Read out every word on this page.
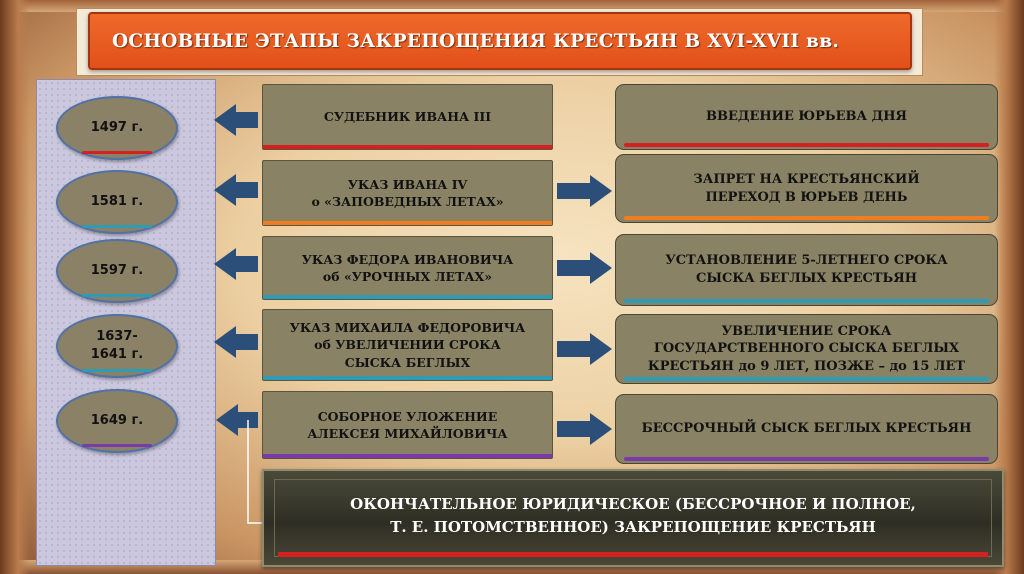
ОСНОВНЫЕ ЭТАПЫ ЗАКРЕПОЩЕНИЯ КРЕСТЬЯН В XVI-XVII вв.
1497 г.
1581 г.
1597 г.
1637-
1641 г.
1649 г.
СУДЕБНИК ИВАНА III
УКАЗ ИВАНА IV
о «ЗАПОВЕДНЫХ ЛЕТАХ»
УКАЗ ФЕДОРА ИВАНОВИЧА
об «УРОЧНЫХ ЛЕТАХ»
УКАЗ МИХАИЛА ФЕДОРОВИЧА
об УВЕЛИЧЕНИИ СРОКА
СЫСКА БЕГЛЫХ
СОБОРНОЕ УЛОЖЕНИЕ
АЛЕКСЕЯ МИХАЙЛОВИЧА
ВВЕДЕНИЕ ЮРЬЕВА ДНЯ
ЗАПРЕТ НА КРЕСТЬЯНСКИЙ
ПЕРЕХОД В ЮРЬЕВ ДЕНЬ
УСТАНОВЛЕНИЕ 5-ЛЕТНЕГО СРОКА
СЫСКА БЕГЛЫХ КРЕСТЬЯН
УВЕЛИЧЕНИЕ СРОКА
ГОСУДАРСТВЕННОГО СЫСКА БЕГЛЫХ
КРЕСТЬЯН до 9 ЛЕТ, ПОЗЖЕ – до 15 ЛЕТ
БЕССРОЧНЫЙ СЫСК БЕГЛЫХ КРЕСТЬЯН
ОКОНЧАТЕЛЬНОЕ ЮРИДИЧЕСКОЕ (БЕССРОЧНОЕ И ПОЛНОЕ,
Т. Е. ПОТОМСТВЕННОЕ) ЗАКРЕПОЩЕНИЕ КРЕСТЬЯН
